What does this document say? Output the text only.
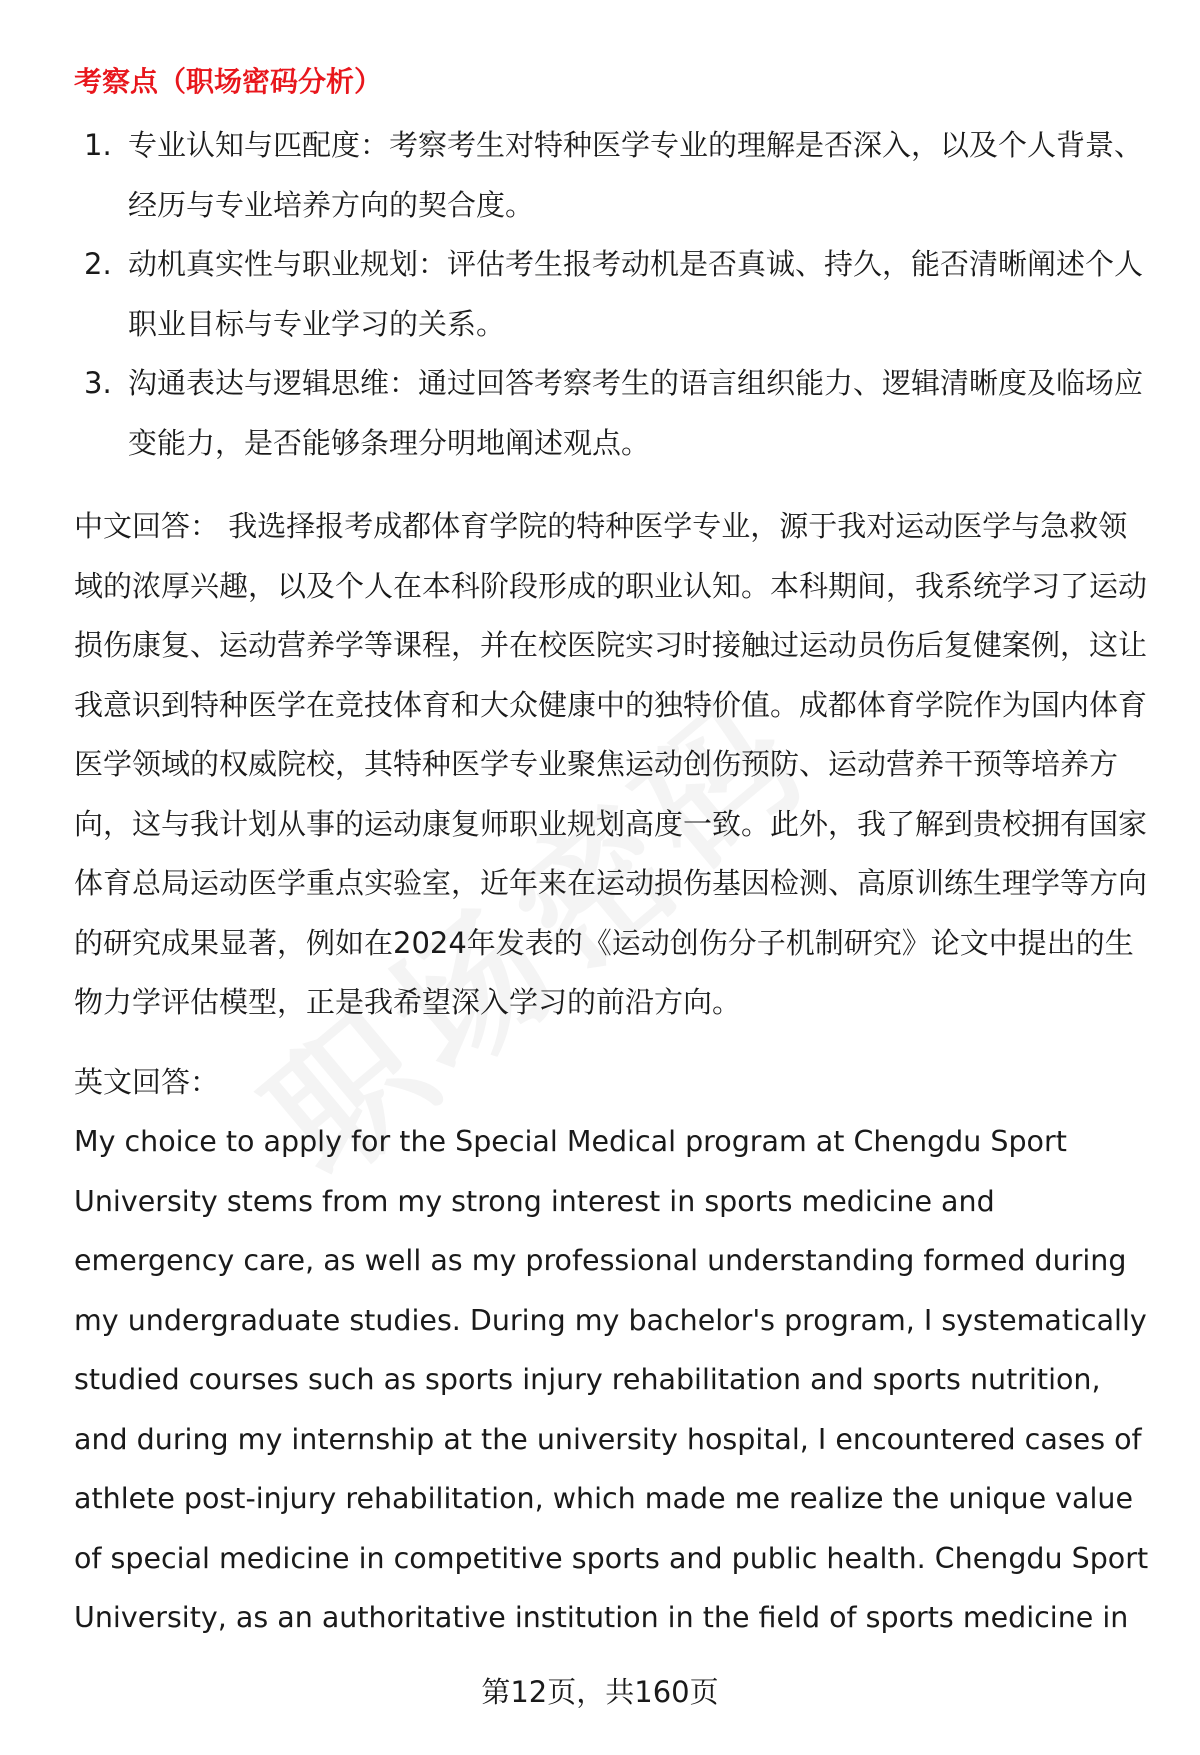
考察点（职场密码分析）
1. 专业认知与匹配度：考察考生对特种医学专业的理解是否深入，以及个人背景、经历与专业培养方向的契合度。
2. 动机真实性与职业规划：评估考生报考动机是否真诚、持久，能否清晰阐述个人职业目标与专业学习的关系。
3. 沟通表达与逻辑思维：通过回答考察考生的语言组织能力、逻辑清晰度及临场应变能力，是否能够条理分明地阐述观点。

中文回答： 我选择报考成都体育学院的特种医学专业，源于我对运动医学与急救领域的浓厚兴趣，以及个人在本科阶段形成的职业认知。本科期间，我系统学习了运动损伤康复、运动营养学等课程，并在校医院实习时接触过运动员伤后复健案例，这让我意识到特种医学在竞技体育和大众健康中的独特价值。成都体育学院作为国内体育医学领域的权威院校，其特种医学专业聚焦运动创伤预防、运动营养干预等培养方向，这与我计划从事的运动康复师职业规划高度一致。此外，我了解到贵校拥有国家体育总局运动医学重点实验室，近年来在运动损伤基因检测、高原训练生理学等方向的研究成果显著，例如在2024年发表的《运动创伤分子机制研究》论文中提出的生物力学评估模型，正是我希望深入学习的前沿方向。

英文回答：

My choice to apply for the Special Medical program at Chengdu Sport University stems from my strong interest in sports medicine and emergency care, as well as my professional understanding formed during my undergraduate studies. During my bachelor's program, I systematically studied courses such as sports injury rehabilitation and sports nutrition, and during my internship at the university hospital, I encountered cases of athlete post-injury rehabilitation, which made me realize the unique value of special medicine in competitive sports and public health. Chengdu Sport University, as an authoritative institution in the field of sports medicine in

第12页，共160页
